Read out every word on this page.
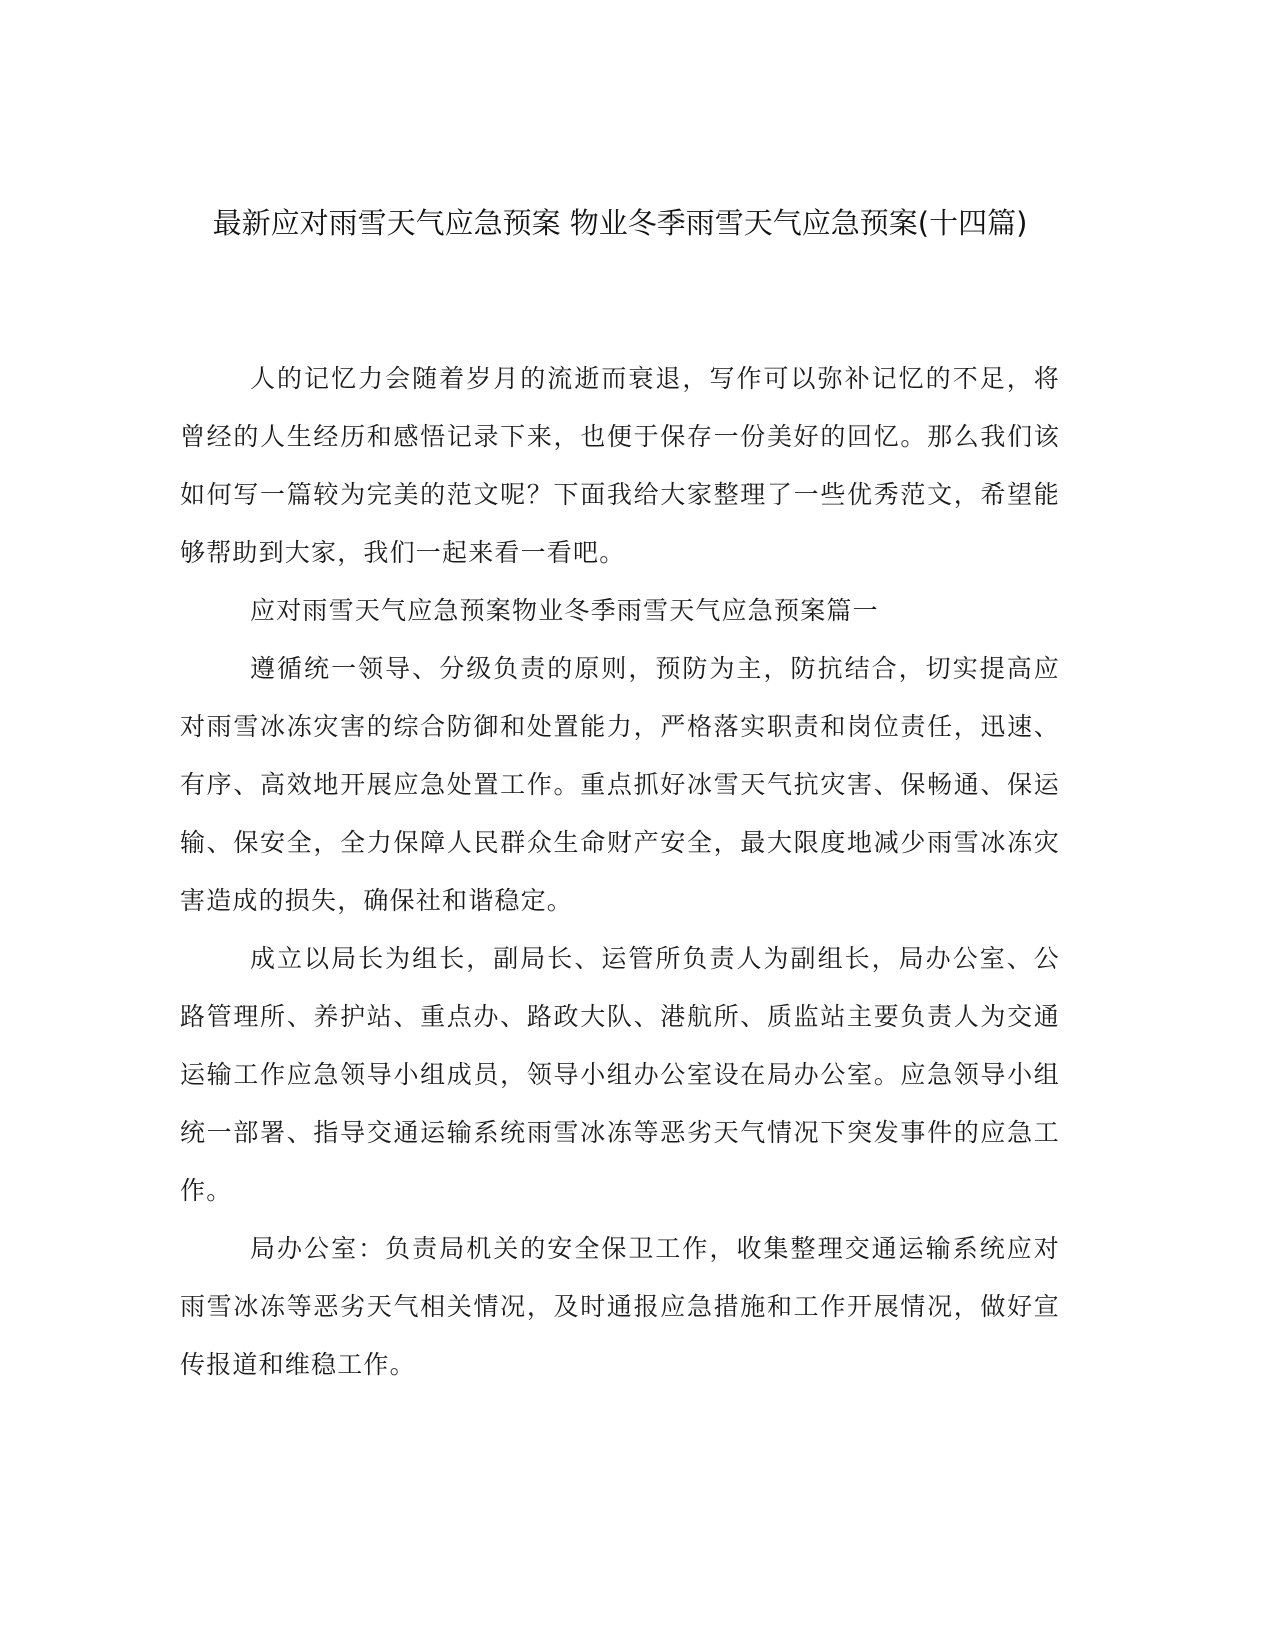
最新应对雨雪天气应急预案 物业冬季雨雪天气应急预案(十四篇)

人的记忆力会随着岁月的流逝而衰退，写作可以弥补记忆的不足，将曾经的人生经历和感悟记录下来，也便于保存一份美好的回忆。那么我们该如何写一篇较为完美的范文呢？下面我给大家整理了一些优秀范文，希望能够帮助到大家，我们一起来看一看吧。

应对雨雪天气应急预案物业冬季雨雪天气应急预案篇一

遵循统一领导、分级负责的原则，预防为主，防抗结合，切实提高应对雨雪冰冻灾害的综合防御和处置能力，严格落实职责和岗位责任，迅速、有序、高效地开展应急处置工作。重点抓好冰雪天气抗灾害、保畅通、保运输、保安全，全力保障人民群众生命财产安全，最大限度地减少雨雪冰冻灾害造成的损失，确保社和谐稳定。

成立以局长为组长，副局长、运管所负责人为副组长，局办公室、公路管理所、养护站、重点办、路政大队、港航所、质监站主要负责人为交通运输工作应急领导小组成员，领导小组办公室设在局办公室。应急领导小组统一部署、指导交通运输系统雨雪冰冻等恶劣天气情况下突发事件的应急工作。

局办公室：负责局机关的安全保卫工作，收集整理交通运输系统应对雨雪冰冻等恶劣天气相关情况，及时通报应急措施和工作开展情况，做好宣传报道和维稳工作。
